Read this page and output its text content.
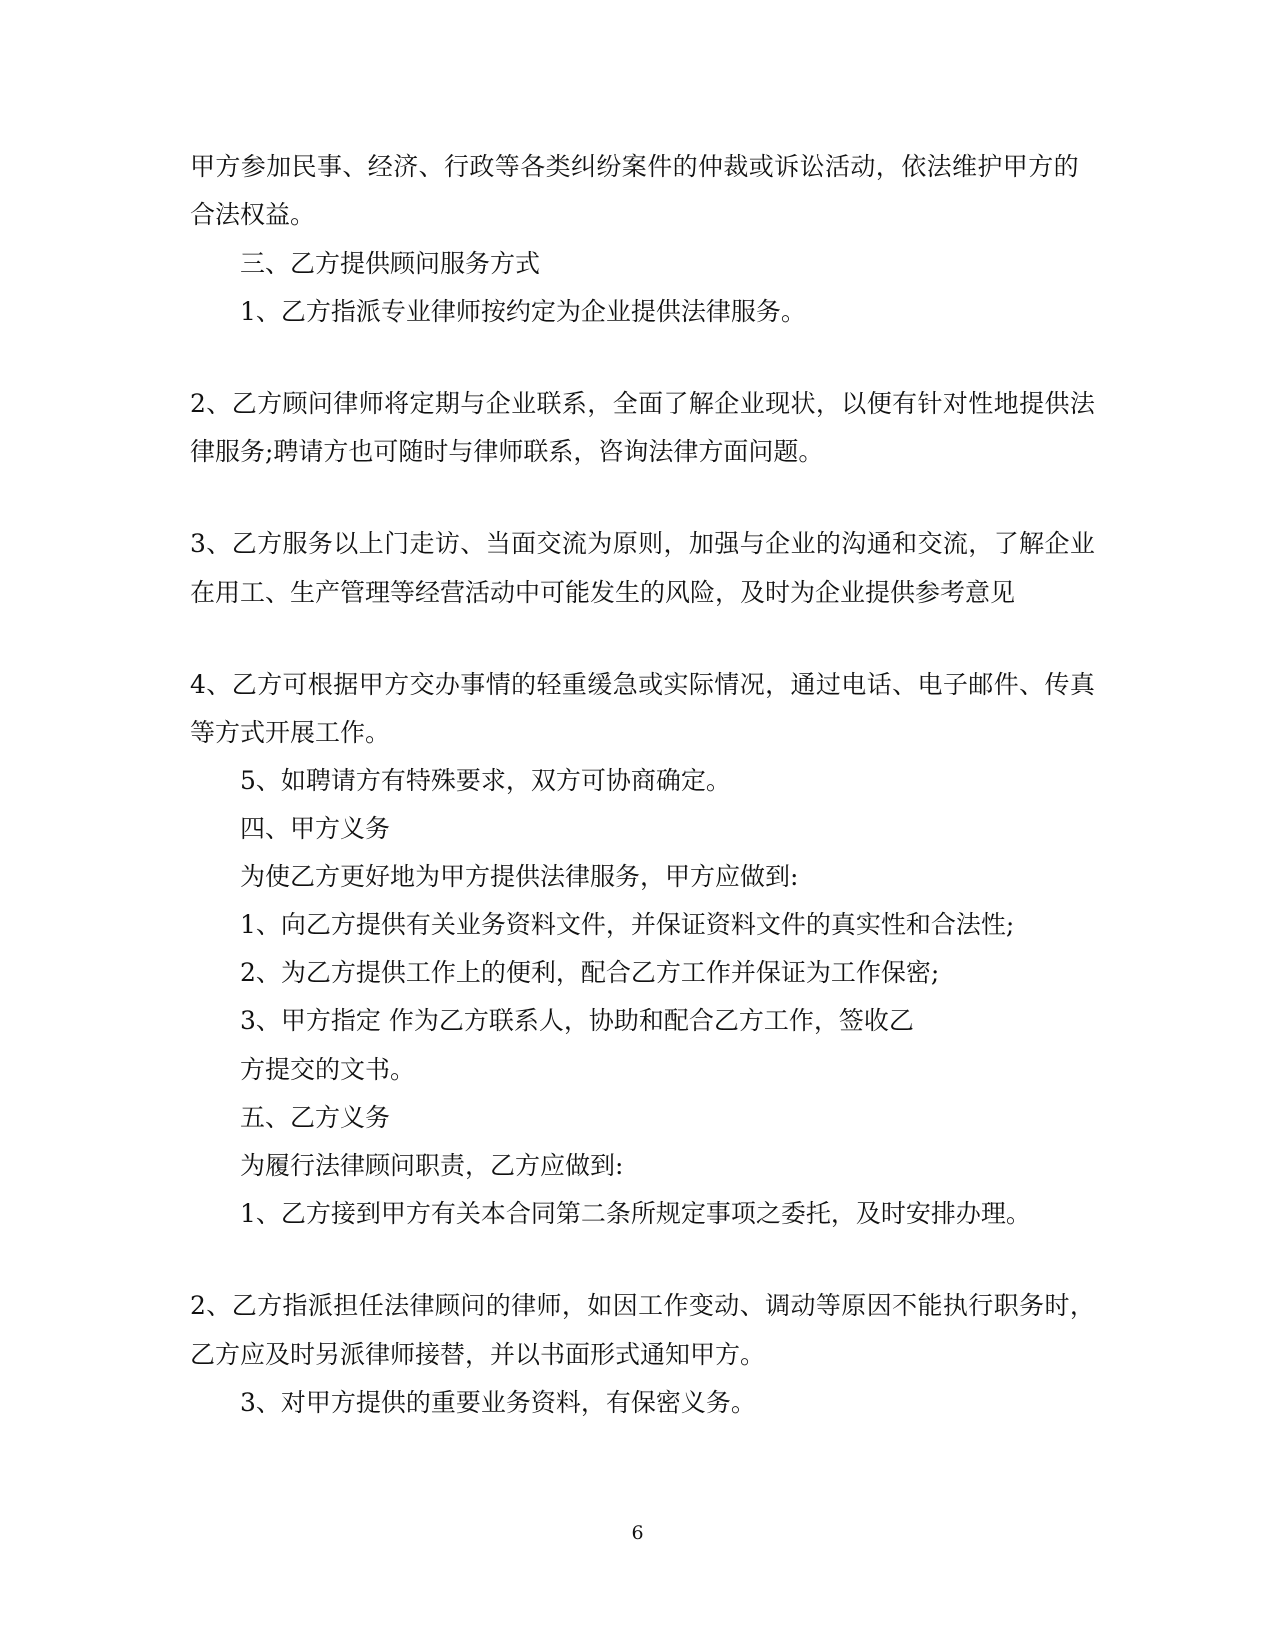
甲方参加民事、经济、行政等各类纠纷案件的仲裁或诉讼活动，依法维护甲方的
合法权益。
三、乙方提供顾问服务方式
1、乙方指派专业律师按约定为企业提供法律服务。
2、乙方顾问律师将定期与企业联系，全面了解企业现状，以便有针对性地提供法
律服务;聘请方也可随时与律师联系，咨询法律方面问题。
3、乙方服务以上门走访、当面交流为原则，加强与企业的沟通和交流，了解企业
在用工、生产管理等经营活动中可能发生的风险，及时为企业提供参考意见
4、乙方可根据甲方交办事情的轻重缓急或实际情况，通过电话、电子邮件、传真
等方式开展工作。
5、如聘请方有特殊要求，双方可协商确定。
四、甲方义务
为使乙方更好地为甲方提供法律服务，甲方应做到:
1、向乙方提供有关业务资料文件，并保证资料文件的真实性和合法性;
2、为乙方提供工作上的便利，配合乙方工作并保证为工作保密;
3、甲方指定 作为乙方联系人，协助和配合乙方工作，签收乙
方提交的文书。
五、乙方义务
为履行法律顾问职责，乙方应做到:
1、乙方接到甲方有关本合同第二条所规定事项之委托，及时安排办理。
2、乙方指派担任法律顾问的律师，如因工作变动、调动等原因不能执行职务时，
乙方应及时另派律师接替，并以书面形式通知甲方。
3、对甲方提供的重要业务资料，有保密义务。
6
